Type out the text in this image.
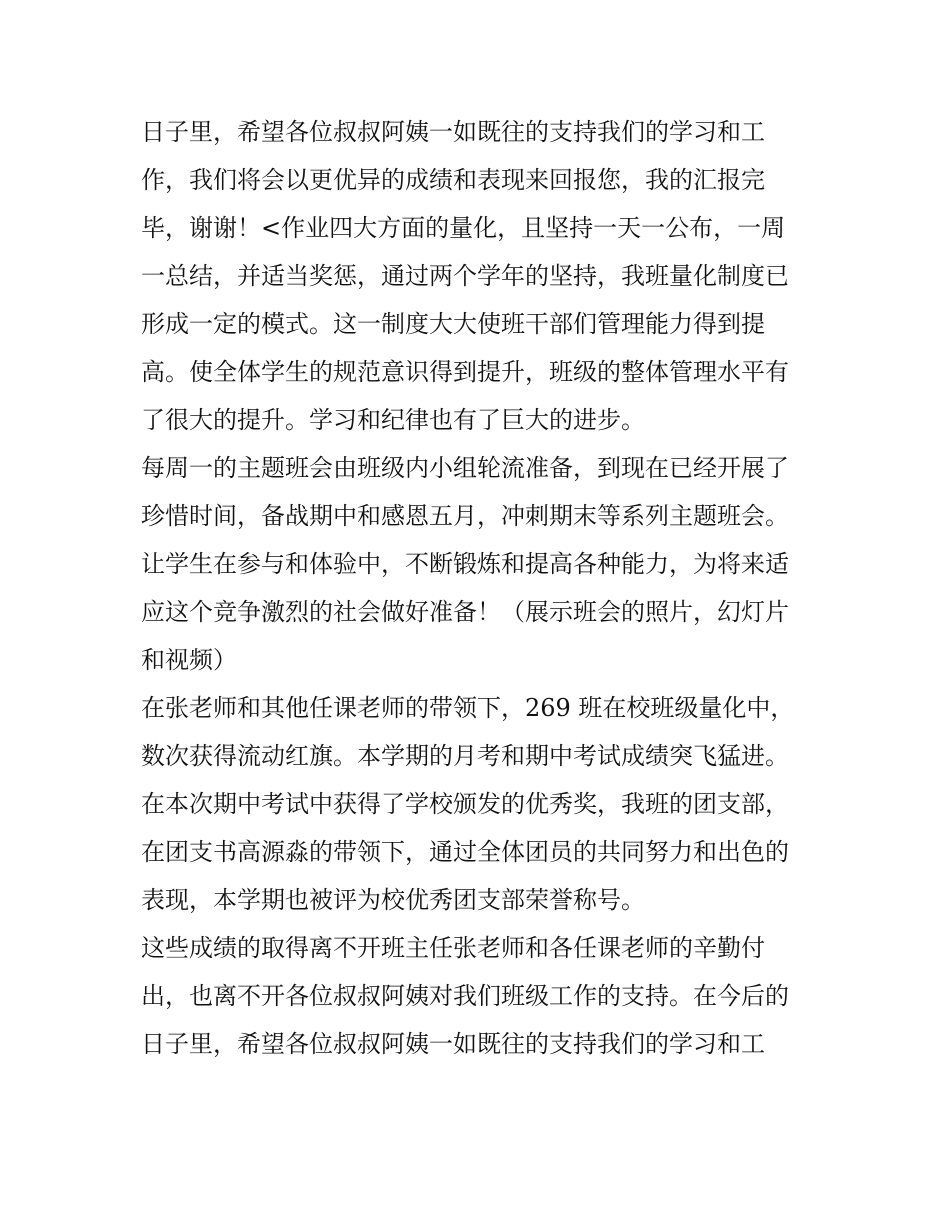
日子里，希望各位叔叔阿姨一如既往的支持我们的学习和工
作，我们将会以更优异的成绩和表现来回报您，我的汇报完
毕，谢谢！<作业四大方面的量化，且坚持一天一公布，一周
一总结，并适当奖惩，通过两个学年的坚持，我班量化制度已
形成一定的模式。这一制度大大使班干部们管理能力得到提
高。使全体学生的规范意识得到提升，班级的整体管理水平有
了很大的提升。学习和纪律也有了巨大的进步。
每周一的主题班会由班级内小组轮流准备，到现在已经开展了
珍惜时间，备战期中和感恩五月，冲刺期末等系列主题班会。
让学生在参与和体验中，不断锻炼和提高各种能力，为将来适
应这个竞争激烈的社会做好准备！（展示班会的照片，幻灯片
和视频）
在张老师和其他任课老师的带领下，269 班在校班级量化中，
数次获得流动红旗。本学期的月考和期中考试成绩突飞猛进。
在本次期中考试中获得了学校颁发的优秀奖，我班的团支部，
在团支书高源淼的带领下，通过全体团员的共同努力和出色的
表现，本学期也被评为校优秀团支部荣誉称号。
这些成绩的取得离不开班主任张老师和各任课老师的辛勤付
出，也离不开各位叔叔阿姨对我们班级工作的支持。在今后的
日子里，希望各位叔叔阿姨一如既往的支持我们的学习和工
